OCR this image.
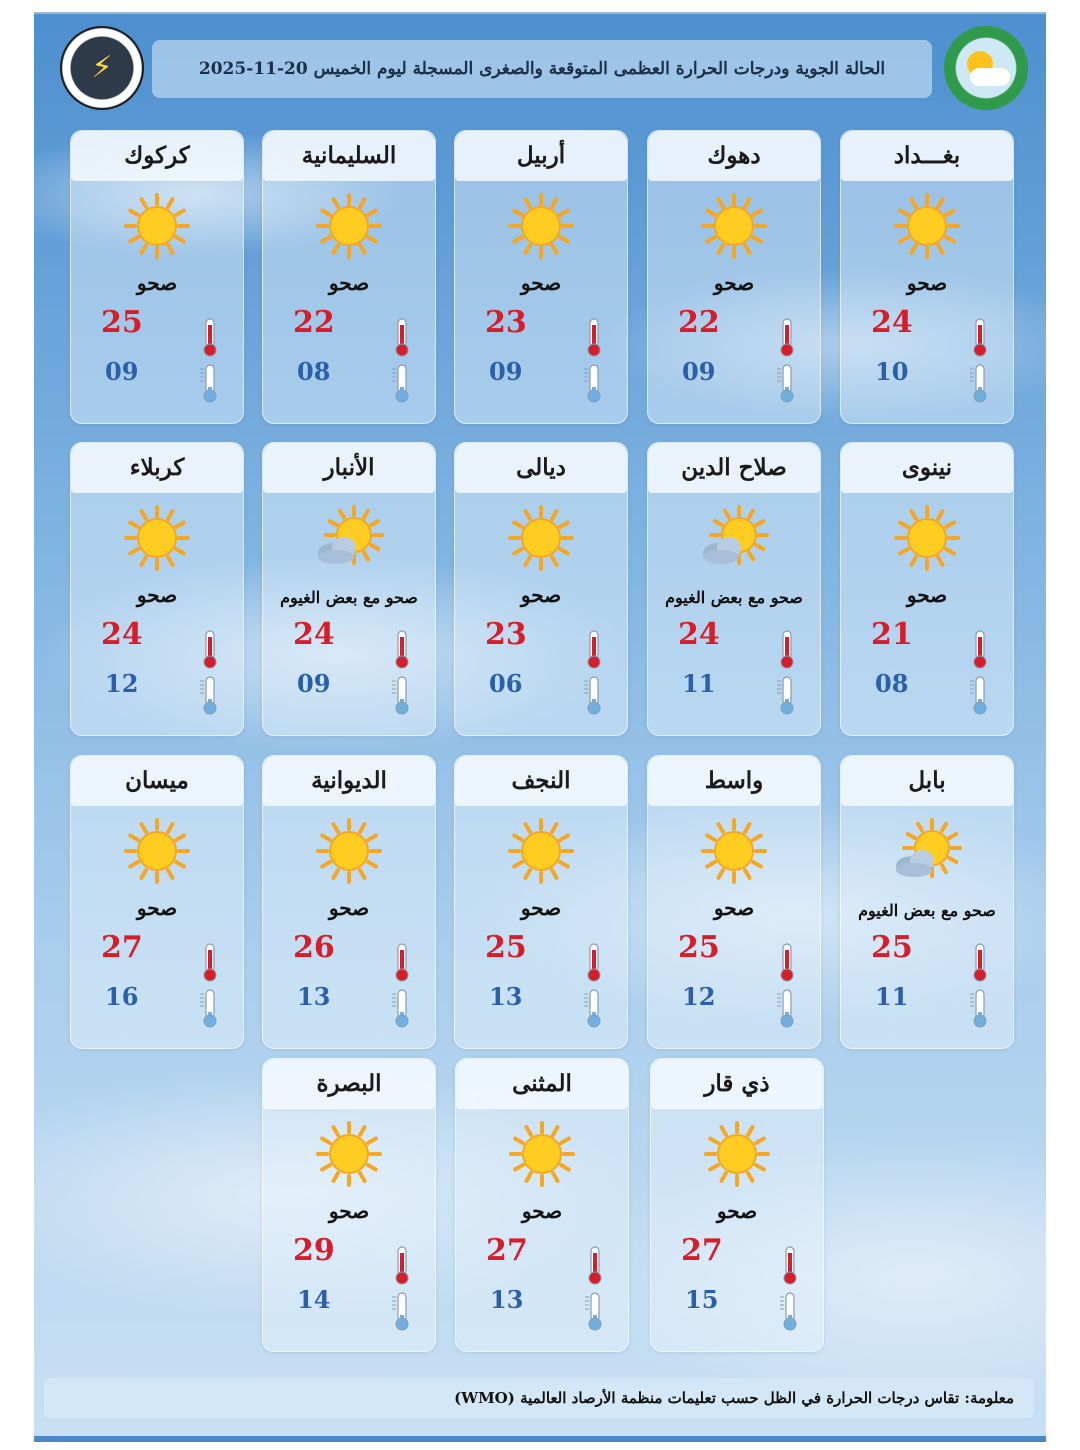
⚡	الحالة الجوية ودرجات الحرارة العظمى المتوقعة والصغرى المسجلة ليوم الخميس 20-11-2025
بغـــداد
صحو
24
10
دهوك
صحو
22
09
أربيل
صحو
23
09
السليمانية
صحو
22
08
كركوك
صحو
25
09
نينوى
صحو
21
08
صلاح الدين
صحو مع بعض الغيوم
24
11
ديالى
صحو
23
06
الأنبار
صحو مع بعض الغيوم
24
09
كربلاء
صحو
24
12
بابل
صحو مع بعض الغيوم
25
11
واسط
صحو
25
12
النجف
صحو
25
13
الديوانية
صحو
26
13
ميسان
صحو
27
16
ذي قار
صحو
27
15
المثنى
صحو
27
13
البصرة
صحو
29
14
معلومة: تقاس درجات الحرارة في الظل حسب تعليمات منظمة الأرصاد العالمية (WMO)
